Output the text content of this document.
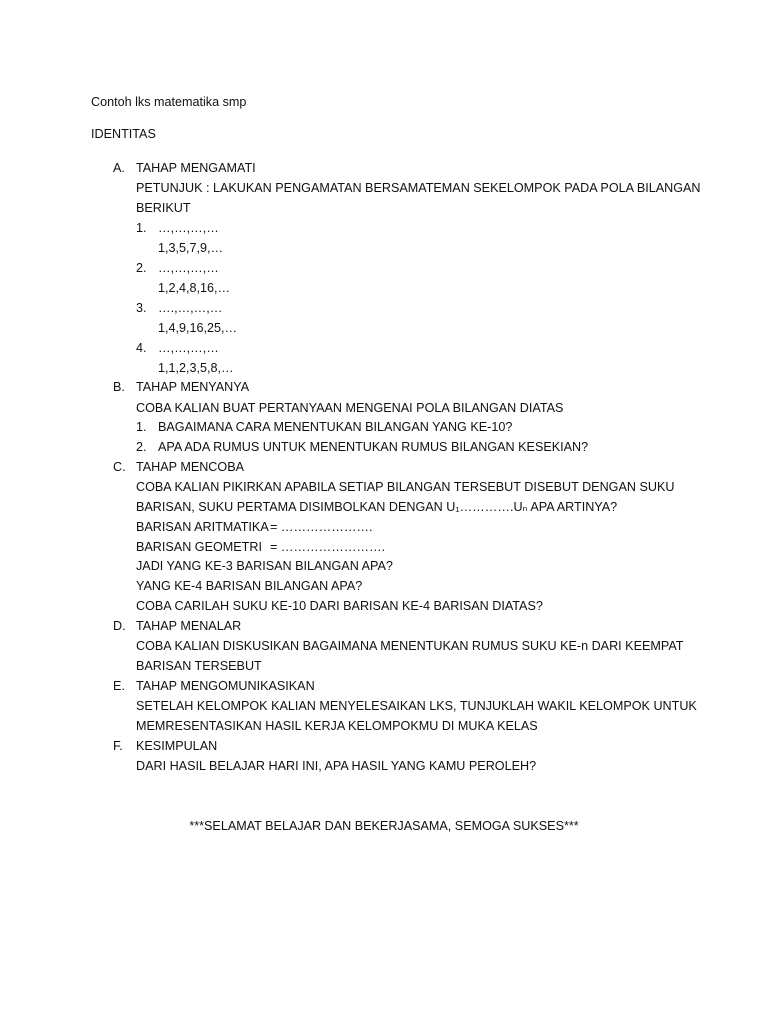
Contoh lks matematika smp
IDENTITAS
A. TAHAP MENGAMATI
PETUNJUK : LAKUKAN PENGAMATAN BERSAMATEMAN SEKELOMPOK PADA POLA BILANGAN
BERIKUT
1. …,…,…,…
1,3,5,7,9,…
2. …,…,…,…
1,2,4,8,16,…
3. ….,…,…,…
1,4,9,16,25,…
4. …,…,…,…
1,1,2,3,5,8,…
B. TAHAP MENYANYA
COBA KALIAN BUAT PERTANYAAN MENGENAI POLA BILANGAN DIATAS
1. BAGAIMANA CARA MENENTUKAN BILANGAN YANG KE-10?
2. APA ADA RUMUS UNTUK MENENTUKAN RUMUS BILANGAN KESEKIAN?
C. TAHAP MENCOBA
COBA KALIAN PIKIRKAN APABILA SETIAP BILANGAN TERSEBUT DISEBUT DENGAN SUKU
BARISAN, SUKU PERTAMA DISIMBOLKAN DENGAN U₁………….Uₙ APA ARTINYA?
BARISAN ARITMATIKA = ………………….
BARISAN GEOMETRI = …………………….
JADI YANG KE-3 BARISAN BILANGAN APA?
YANG KE-4 BARISAN BILANGAN APA?
COBA CARILAH SUKU KE-10 DARI BARISAN KE-4 BARISAN DIATAS?
D. TAHAP MENALAR
COBA KALIAN DISKUSIKAN BAGAIMANA MENENTUKAN RUMUS SUKU KE-n DARI KEEMPAT
BARISAN TERSEBUT
E. TAHAP MENGOMUNIKASIKAN
SETELAH KELOMPOK KALIAN MENYELESAIKAN LKS, TUNJUKLAH WAKIL KELOMPOK UNTUK
MEMRESENTASIKAN HASIL KERJA KELOMPOKMU DI MUKA KELAS
F. KESIMPULAN
DARI HASIL BELAJAR HARI INI, APA HASIL YANG KAMU PEROLEH?
***SELAMAT BELAJAR DAN BEKERJASAMA, SEMOGA SUKSES***
